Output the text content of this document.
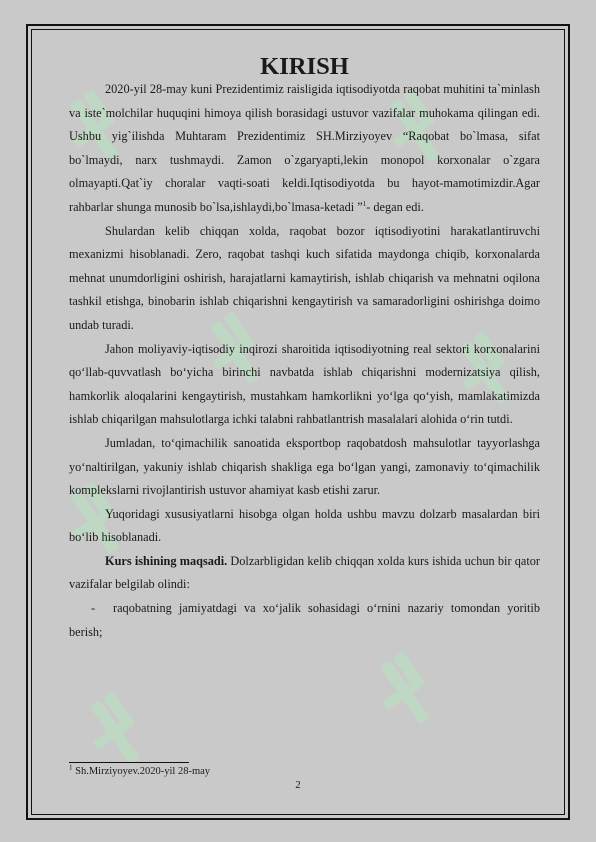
KIRISH

2020-yil 28-may kuni Prezidentimiz raisligida iqtisodiyotda raqobat muhitini ta`minlash va iste`molchilar huquqini himoya qilish borasidagi ustuvor vazifalar muhokama qilingan edi. Ushbu yig`ilishda Muhtaram Prezidentimiz SH.Mirziyoyev “Raqobat bo`lmasa, sifat bo`lmaydi, narx tushmaydi. Zamon o`zgaryapti,lekin monopol korxonalar o`zgara olmayapti.Qat`iy choralar vaqti-soati keldi.Iqtisodiyotda bu hayot-mamotimizdir.Agar rahbarlar shunga munosib bo`lsa,ishlaydi,bo`lmasa-ketadi ”$^1$- degan edi.

Shulardan kelib chiqqan xolda, raqobat bozor iqtisodiyotini harakatlantiruvchi mexanizmi hisoblanadi. Zero, raqobat tashqi kuch sifatida maydonga chiqib, korxonalarda mehnat unumdorligini oshirish, harajatlarni kamaytirish, ishlab chiqarish va mehnatni oqilona tashkil etishga, binobarin ishlab chiqarishni kengaytirish va samaradorligini oshirishga doimo undab turadi.

Jahon moliyaviy-iqtisodiy inqirozi sharoitida iqtisodiyotning real sektori korxonalarini qo‘llab-quvvatlash bo‘yicha birinchi navbatda ishlab chiqarishni modernizatsiya qilish, hamkorlik aloqalarini kengaytirish, mustahkam hamkorlikni yo‘lga qo‘yish, mamlakatimizda ishlab chiqarilgan mahsulotlarga ichki talabni rahbatlantrish masalalari alohida o‘rin tutdi.

Jumladan, to‘qimachilik sanoatida eksportbop raqobatdosh mahsulotlar tayyorlashga yo‘naltirilgan, yakuniy ishlab chiqarish shakliga ega bo‘lgan yangi, zamonaviy to‘qimachilik komplekslarni rivojlantirish ustuvor ahamiyat kasb etishi zarur.

Yuqoridagi xususiyatlarni hisobga olgan holda ushbu mavzu dolzarb masalardan biri bo‘lib hisoblanadi.

Kurs ishining maqsadi. Dolzarbligidan kelib chiqqan xolda kurs ishida uchun bir qator vazifalar belgilab olindi:

- raqobatning jamiyatdagi va xo‘jalik sohasidagi o‘rnini nazariy tomondan yoritib berish;

$^1$ Sh.Mirziyoyev.2020-yil 28-may
2
